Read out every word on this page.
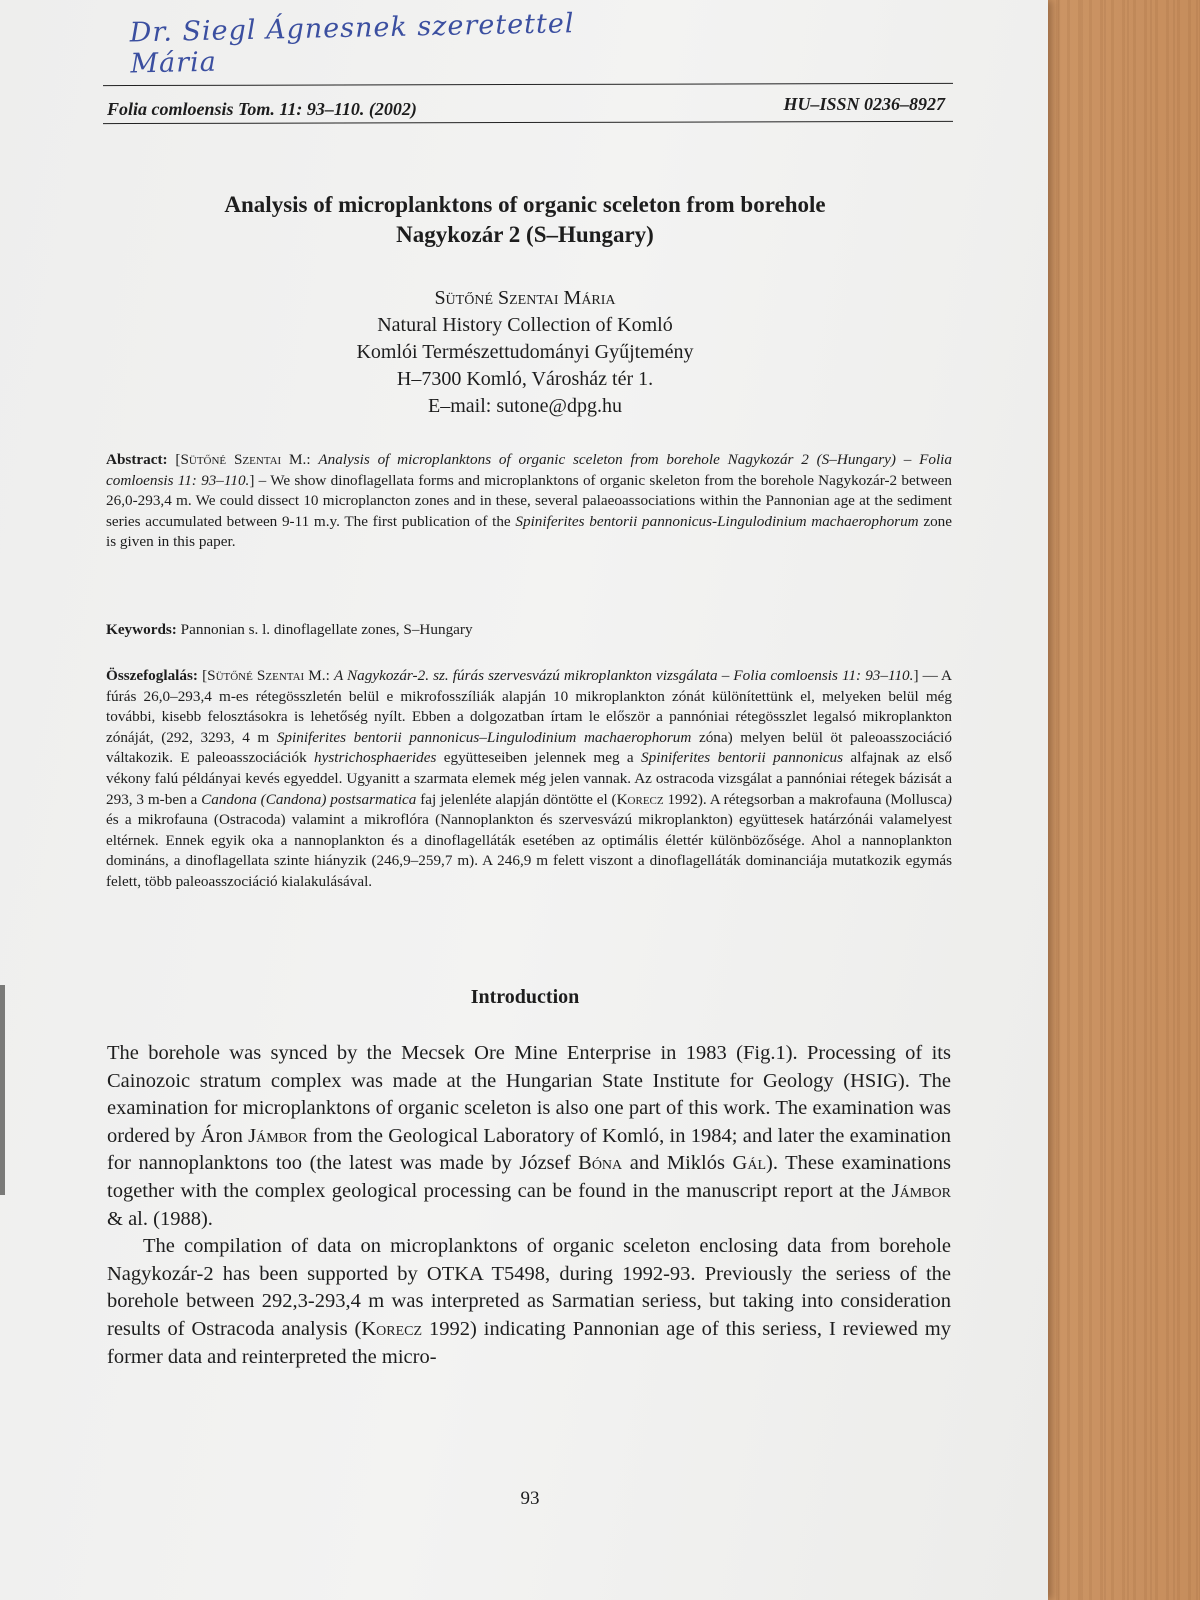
Dr. Siegl Ágnesnek szeretettel Mária
Folia comloensis Tom. 11: 93–110. (2002)	HU–ISSN 0236–8927
Analysis of microplanktons of organic sceleton from borehole
Nagykozár 2 (S–Hungary)
Sütőné Szentai Mária
Natural History Collection of Komló
Komlói Természettudományi Gyűjtemény
H–7300 Komló, Városház tér 1.
E–mail: sutone@dpg.hu
Abstract: [Sütőné Szentai M.: Analysis of microplanktons of organic sceleton from borehole Nagykozár 2 (S–Hungary) – Folia comloensis 11: 93–110.] – We show dinoflagellata forms and microplanktons of organic skeleton from the borehole Nagykozár-2 between 26,0-293,4 m. We could dissect 10 microplancton zones and in these, several palaeoassociations within the Pannonian age at the sediment series accumulated between 9-11 m.y. The first publication of the Spiniferites bentorii pannonicus-Lingulodinium machaerophorum zone is given in this paper.
Keywords: Pannonian s. l. dinoflagellate zones, S–Hungary
Összefoglalás: [Sütőné Szentai M.: A Nagykozár-2. sz. fúrás szervesvázú mikroplankton vizsgálata – Folia comloensis 11: 93–110.] — A fúrás 26,0–293,4 m-es rétegösszletén belül e mikrofosszíliák alapján 10 mikroplankton zónát különítettünk el, melyeken belül még további, kisebb felosztásokra is lehetőség nyílt. Ebben a dolgozatban írtam le először a pannóniai rétegösszlet legalsó mikroplankton zónáját, (292, 3293, 4 m Spiniferites bentorii pannonicus–Lingulodinium machaerophorum zóna) melyen belül öt paleoasszociáció váltakozik. E paleoasszociációk hystrichosphaerides együtteseiben jelennek meg a Spiniferites bentorii pannonicus alfajnak az első vékony falú példányai kevés egyeddel. Ugyanitt a szarmata elemek még jelen vannak. Az ostracoda vizsgálat a pannóniai rétegek bázisát a 293, 3 m-ben a Candona (Candona) postsarmatica faj jelenléte alapján döntötte el (Korecz 1992). A rétegsorban a makrofauna (Mollusca) és a mikrofauna (Ostracoda) valamint a mikroflóra (Nannoplankton és szervesvázú mikroplankton) együttesek határzónái valamelyest eltérnek. Ennek egyik oka a nannoplankton és a dinoflagelláták esetében az optimális élettér különbözősége. Ahol a nannoplankton domináns, a dinoflagellata szinte hiányzik (246,9–259,7 m). A 246,9 m felett viszont a dinoflagelláták dominanciája mutatkozik egymás felett, több paleoasszociáció kialakulásával.
Introduction

The borehole was synced by the Mecsek Ore Mine Enterprise in 1983 (Fig.1). Processing of its Cainozoic stratum complex was made at the Hungarian State Institute for Geology (HSIG). The examination for microplanktons of organic sceleton is also one part of this work. The examination was ordered by Áron Jámbor from the Geological Laboratory of Komló, in 1984; and later the examination for nannoplanktons too (the latest was made by József Bóna and Miklós Gál). These examinations together with the complex geological processing can be found in the manuscript report at the Jámbor & al. (1988).

The compilation of data on microplanktons of organic sceleton enclosing data from borehole Nagykozár-2 has been supported by OTKA T5498, during 1992-93. Previously the seriess of the borehole between 292,3-293,4 m was interpreted as Sarmatian seriess, but taking into consideration results of Ostracoda analysis (Korecz 1992) indicating Pannonian age of this seriess, I reviewed my former data and reinterpreted the micro-

93
